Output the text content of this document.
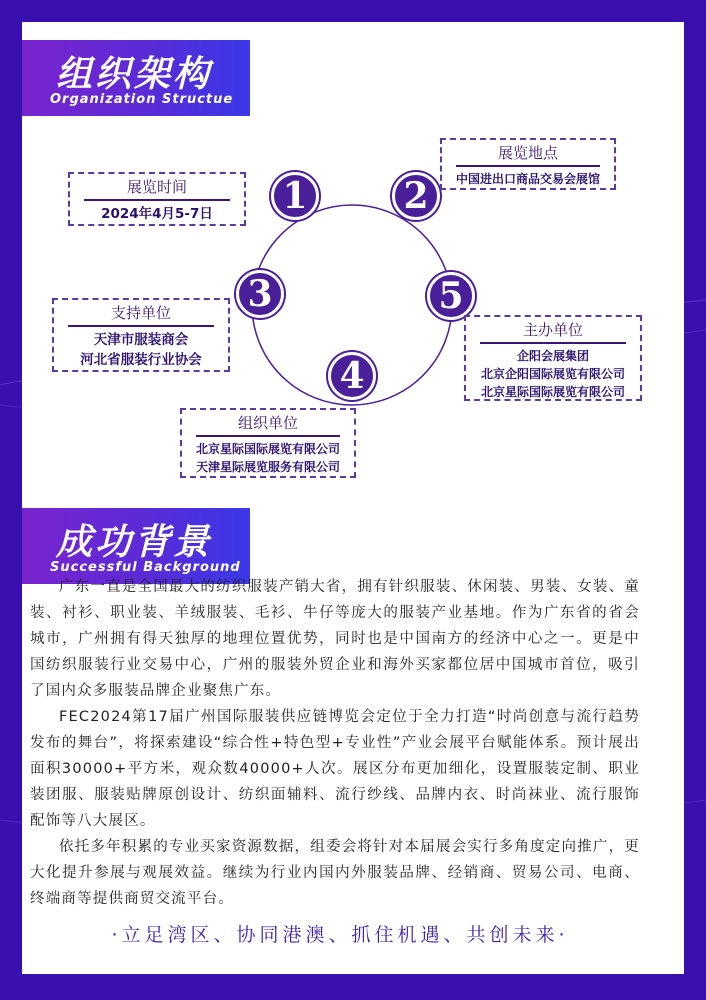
组织架构
Organization Structue
1	2
3
4
5
展览时间
2024年4月5-7日
展览地点
中国进出口商品交易会展馆
支持单位
天津市服装商会
河北省服装行业协会
组织单位
北京星际国际展览有限公司
天津星际展览服务有限公司
主办单位
企阳会展集团
北京企阳国际展览有限公司
北京星际国际展览有限公司
成功背景
Successful Background

广东一直是全国最大的纺织服装产销大省，拥有针织服装、休闲装、男装、女装、童装、衬衫、职业装、羊绒服装、毛衫、牛仔等庞大的服装产业基地。作为广东省的省会城市，广州拥有得天独厚的地理位置优势，同时也是中国南方的经济中心之一。更是中国纺织服装行业交易中心，广州的服装外贸企业和海外买家都位居中国城市首位，吸引了国内众多服装品牌企业聚焦广东。

FEC2024第17届广州国际服装供应链博览会定位于全力打造“时尚创意与流行趋势发布的舞台”，将探索建设“综合性+特色型+专业性”产业会展平台赋能体系。预计展出面积30000+平方米，观众数40000+人次。展区分布更加细化，设置服装定制、职业装团服、服装贴牌原创设计、纺织面辅料、流行纱线、品牌内衣、时尚袜业、流行服饰配饰等八大展区。

依托多年积累的专业买家资源数据，组委会将针对本届展会实行多角度定向推广，更大化提升参展与观展效益。继续为行业内国内外服装品牌、经销商、贸易公司、电商、终端商等提供商贸交流平台。

·立足湾区、协同港澳、抓住机遇、共创未来·
